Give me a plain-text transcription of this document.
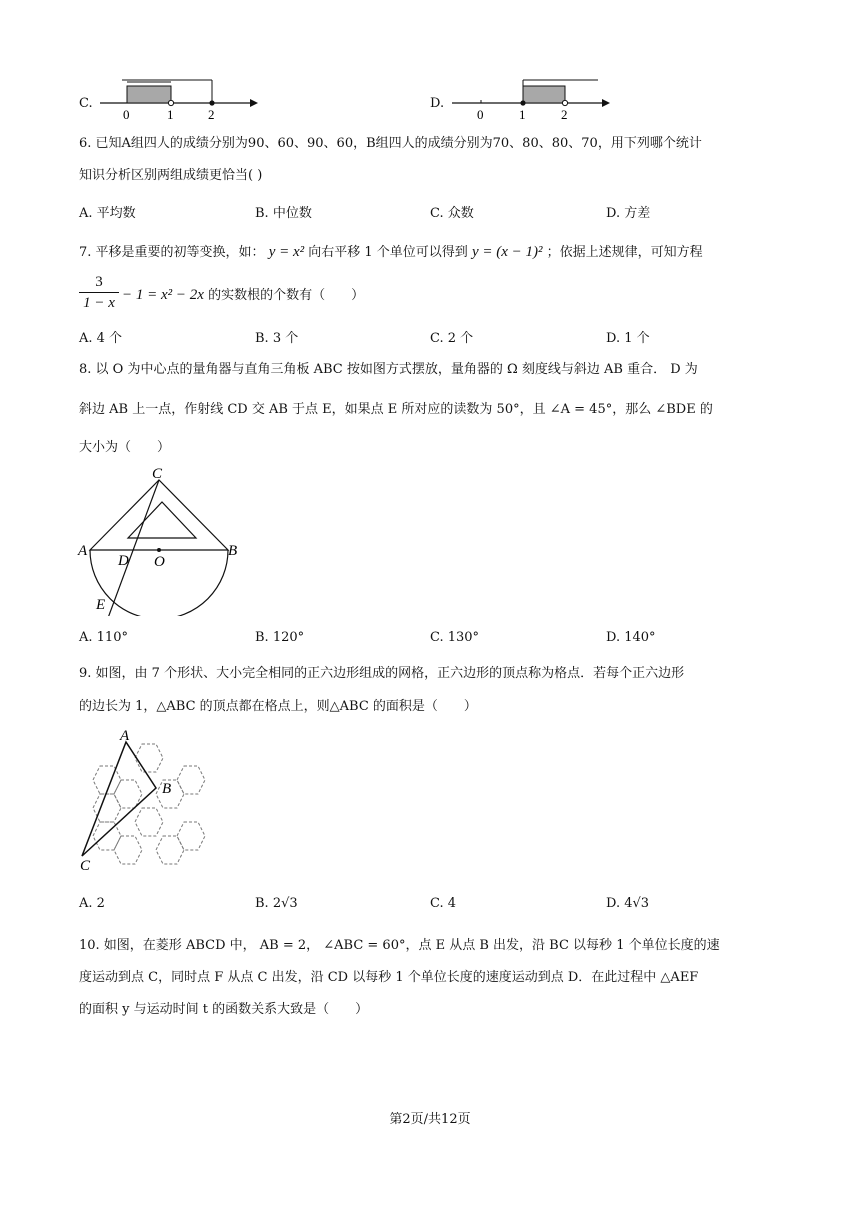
C.
0	1	2
D.
0	1	2
6. 已知A组四人的成绩分别为90、60、90、60，B组四人的成绩分别为70、80、80、70，用下列哪个统计
知识分析区别两组成绩更恰当( )
A. 平均数	B. 中位数	C. 众数	D. 方差
7. 平移是重要的初等变换，如： y = x² 向右平移 1 个单位可以得到 y = (x − 1)² ；依据上述规律，可知方程
3
1 − x − 1 = x² − 2x 的实数根的个数有（　　）
A. 4 个	B. 3 个	C. 2 个	D. 1 个
8. 以 O 为中心点的量角器与直角三角板 ABC 按如图方式摆放，量角器的 Ω 刻度线与斜边 AB 重合． D 为
斜边 AB 上一点，作射线 CD 交 AB 于点 E，如果点 E 所对应的读数为 50°，且 ∠A = 45°，那么 ∠BDE 的
大小为（　　）
C
A
D O
B
E
A. 110°	B. 120°	C. 130°	D. 140°
9. 如图，由 7 个形状、大小完全相同的正六边形组成的网格，正六边形的顶点称为格点．若每个正六边形
的边长为 1，△ABC 的顶点都在格点上，则△ABC 的面积是（　　）
A
B
C
A. 2	B. 2√3	C. 4	D. 4√3
10. 如图，在菱形 ABCD 中， AB = 2， ∠ABC = 60°，点 E 从点 B 出发，沿 BC 以每秒 1 个单位长度的速
度运动到点 C，同时点 F 从点 C 出发，沿 CD 以每秒 1 个单位长度的速度运动到点 D．在此过程中 △AEF
的面积 y 与运动时间 t 的函数关系大致是（　　）
第2页/共12页
